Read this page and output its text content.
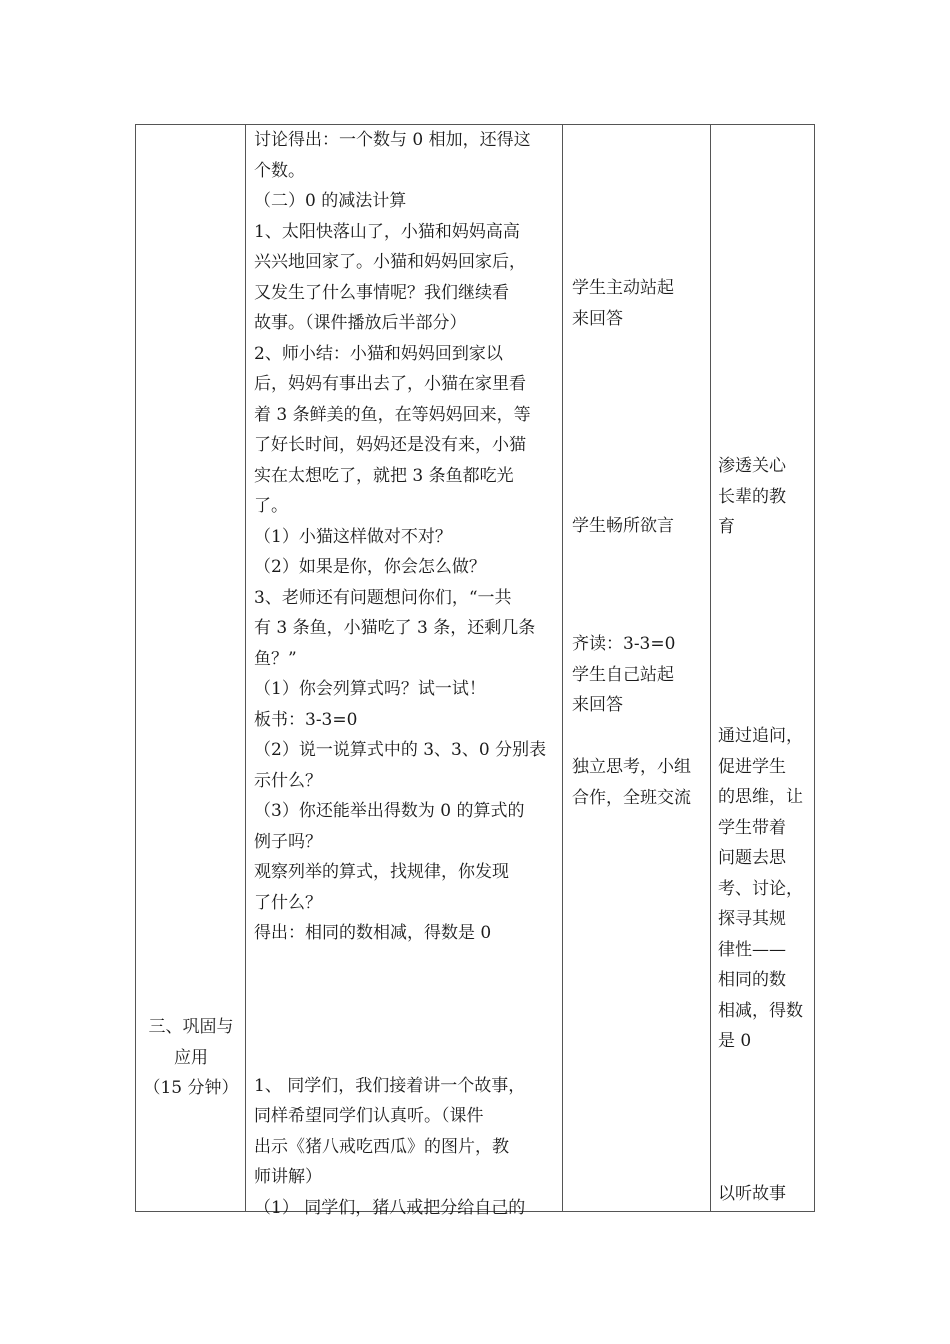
三、巩固与
应用
（15 分钟）
讨论得出：一个数与 0 相加，还得这
个数。
（二）0 的减法计算
1、太阳快落山了，小猫和妈妈高高
兴兴地回家了。小猫和妈妈回家后，
又发生了什么事情呢？我们继续看
故事。（课件播放后半部分）
2、师小结：小猫和妈妈回到家以
后，妈妈有事出去了，小猫在家里看
着 3 条鲜美的鱼，在等妈妈回来，等
了好长时间，妈妈还是没有来，小猫
实在太想吃了，就把 3 条鱼都吃光
了。
（1）小猫这样做对不对？
（2）如果是你，你会怎么做？
3、老师还有问题想问你们，“一共
有 3 条鱼，小猫吃了 3 条，还剩几条
鱼？”
（1）你会列算式吗？试一试！
板书：3-3=0
（2）说一说算式中的 3、3、0 分别表
示什么？
（3）你还能举出得数为 0 的算式的
例子吗？
观察列举的算式，找规律，你发现
了什么？
得出：相同的数相减，得数是 0
1、 同学们，我们接着讲一个故事，
同样希望同学们认真听。（课件
出示《猪八戒吃西瓜》的图片，教
师讲解）
（1） 同学们，猪八戒把分给自己的
学生主动站起
来回答
学生畅所欲言
齐读：3-3=0
学生自己站起
来回答
独立思考，小组
合作，全班交流
渗透关心
长辈的教
育
通过追问，
促进学生
的思维，让
学生带着
问题去思
考、讨论，
探寻其规
律性——
相同的数
相减，得数
是 0
以听故事
